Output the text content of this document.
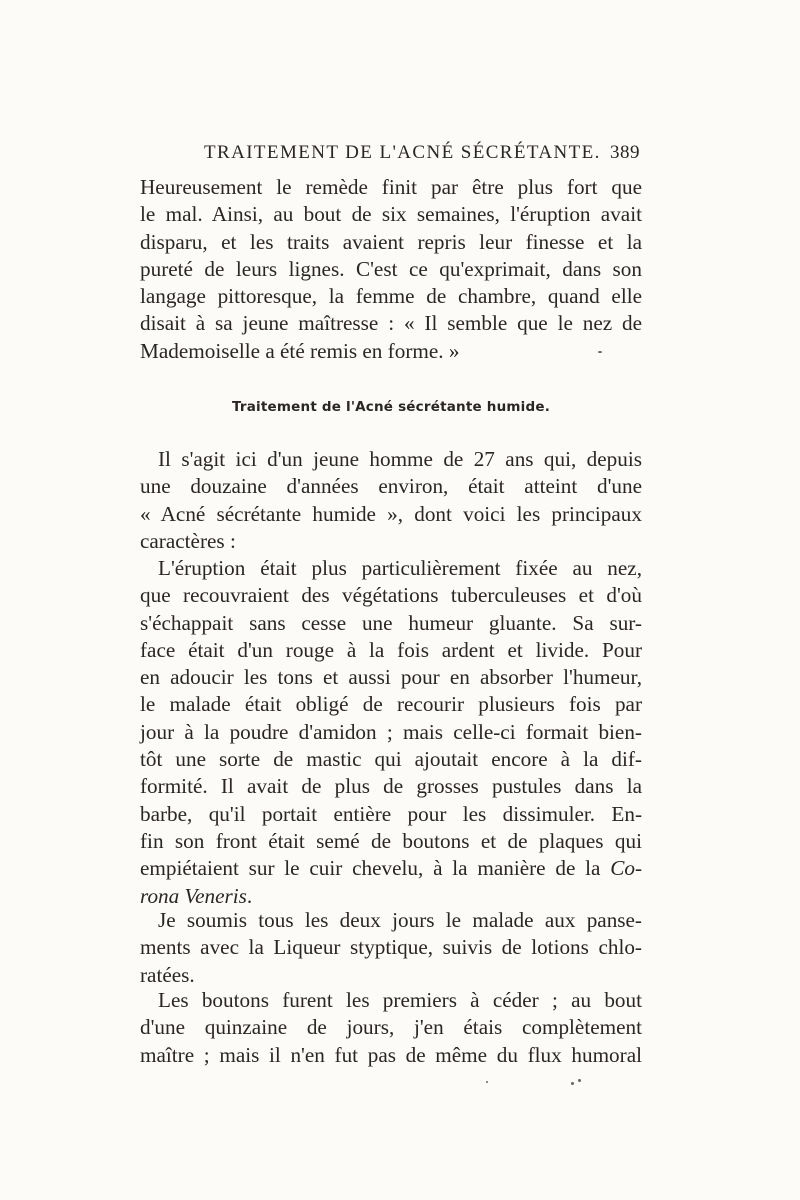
TRAITEMENT DE L'ACNÉ SÉCRÉTANTE. 389
Heureusement le remède finit par être plus fort que
le mal. Ainsi, au bout de six semaines, l'éruption avait
disparu, et les traits avaient repris leur finesse et la
pureté de leurs lignes. C'est ce qu'exprimait, dans son
langage pittoresque, la femme de chambre, quand elle
disait à sa jeune maîtresse : « Il semble que le nez de
Mademoiselle a été remis en forme. »
Traitement de l'Acné sécrétante humide.
Il s'agit ici d'un jeune homme de 27 ans qui, depuis
une douzaine d'années environ, était atteint d'une
« Acné sécrétante humide », dont voici les principaux
caractères :
L'éruption était plus particulièrement fixée au nez,
que recouvraient des végétations tuberculeuses et d'où
s'échappait sans cesse une humeur gluante. Sa sur-
face était d'un rouge à la fois ardent et livide. Pour
en adoucir les tons et aussi pour en absorber l'humeur,
le malade était obligé de recourir plusieurs fois par
jour à la poudre d'amidon ; mais celle-ci formait bien-
tôt une sorte de mastic qui ajoutait encore à la dif-
formité. Il avait de plus de grosses pustules dans la
barbe, qu'il portait entière pour les dissimuler. En-
fin son front était semé de boutons et de plaques qui
empiétaient sur le cuir chevelu, à la manière de la Co-
rona Veneris.
Je soumis tous les deux jours le malade aux panse-
ments avec la Liqueur styptique, suivis de lotions chlo-
ratées.
Les boutons furent les premiers à céder ; au bout
d'une quinzaine de jours, j'en étais complètement
maître ; mais il n'en fut pas de même du flux humoral
